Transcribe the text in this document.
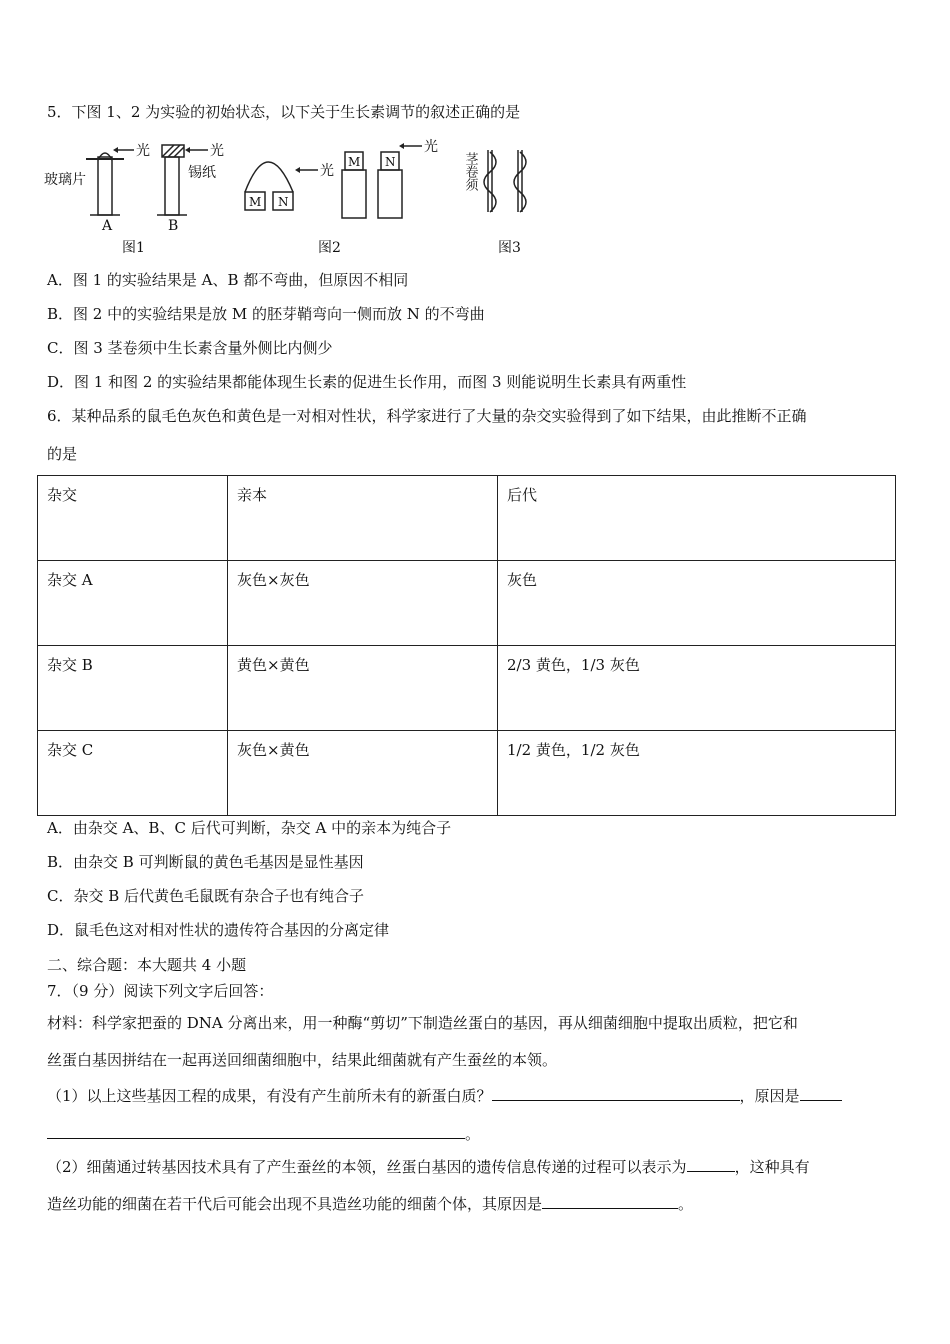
5．下图 1、2 为实验的初始状态，以下关于生长素调节的叙述正确的是
光
玻璃片
A
光
锡纸
B
图1
光
光
M N
M N
图2	图3
茎卷须
A．图 1 的实验结果是 A、B 都不弯曲，但原因不相同
B．图 2 中的实验结果是放 M 的胚芽鞘弯向一侧而放 N 的不弯曲
C．图 3 茎卷须中生长素含量外侧比内侧少
D．图 1 和图 2 的实验结果都能体现生长素的促进生长作用，而图 3 则能说明生长素具有两重性
6．某种品系的鼠毛色灰色和黄色是一对相对性状，科学家进行了大量的杂交实验得到了如下结果，由此推断不正确
的是
杂交	亲本	后代
杂交 A	灰色×灰色	灰色
杂交 B	黄色×黄色	2/3 黄色，1/3 灰色
杂交 C	灰色×黄色	1/2 黄色，1/2 灰色
A．由杂交 A、B、C 后代可判断，杂交 A 中的亲本为纯合子
B．由杂交 B 可判断鼠的黄色毛基因是显性基因
C．杂交 B 后代黄色毛鼠既有杂合子也有纯合子
D．鼠毛色这对相对性状的遗传符合基因的分离定律
二、综合题：本大题共 4 小题
7．（9 分）阅读下列文字后回答：
材料：科学家把蚕的 DNA 分离出来，用一种酶“剪切”下制造丝蛋白的基因，再从细菌细胞中提取出质粒，把它和
丝蛋白基因拼结在一起再送回细菌细胞中，结果此细菌就有产生蚕丝的本领。
（1）以上这些基因工程的成果，有没有产生前所未有的新蛋白质？	，原因是
。
（2）细菌通过转基因技术具有了产生蚕丝的本领，丝蛋白基因的遗传信息传递的过程可以表示为	，这种具有
造丝功能的细菌在若干代后可能会出现不具造丝功能的细菌个体，其原因是	。
